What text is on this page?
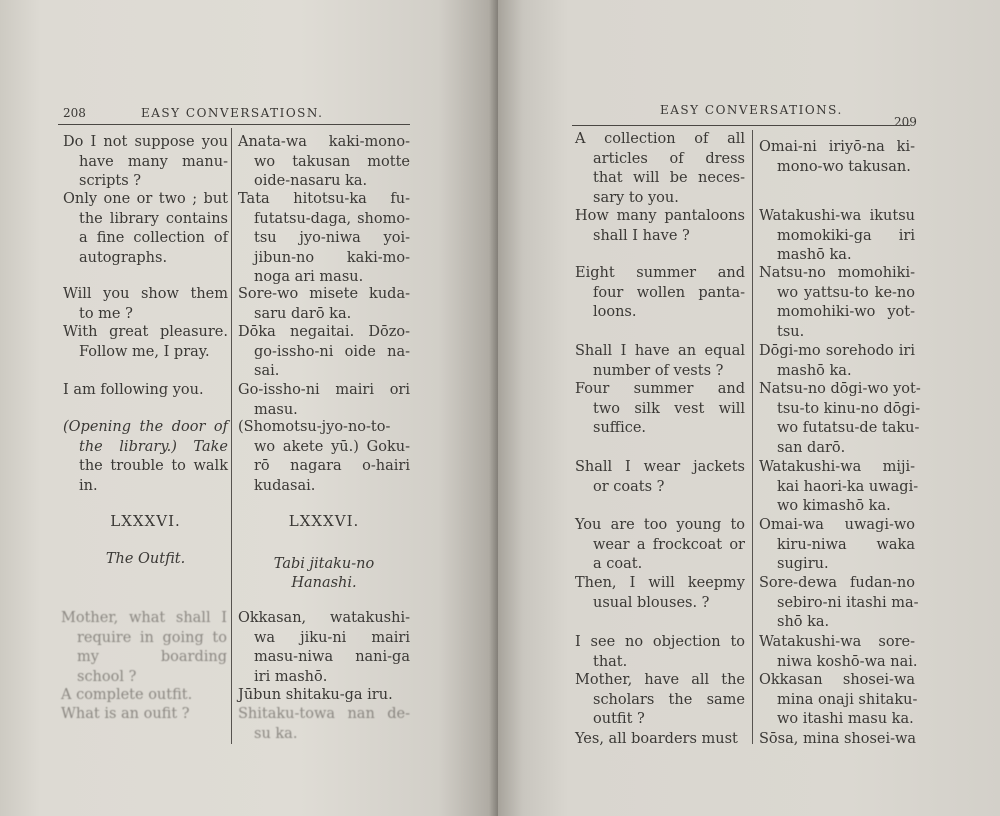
208	EASY CONVERSATIOSN.
Do I not suppose you
have many manu-
scripts ?
Only one or two ; but
the library contains
a fine collection of
autographs.
Will you show them
to me ?
With great pleasure.
Follow me, I pray.
I am following you.
(Opening the door of
the library.) Take
the trouble to walk
in.
Anata-wa kaki-mono-
wo takusan motte
oide-nasaru ka.
Tata hitotsu-ka fu-
futatsu-daga, shomo-
tsu jyo-niwa yoi-
jibun-no kaki-mo-
noga ari masu.
Sore-wo misete kuda-
saru darō ka.
Dōka negaitai. Dōzo-
go-issho-ni oide na-
sai.
Go-issho-ni mairi ori
masu.
(Shomotsu-jyo-no-to-
wo akete yū.) Goku-
rō nagara o-hairi
kudasai.
LXXXVI.
The Outfit.
LXXXVI.
Tabi jitaku-no
Hanashi.
Mother, what shall I
require in going to
my boarding
school ?
A complete outfit.
What is an ouﬁt ?
Okkasan, watakushi-
wa jiku-ni mairi
masu-niwa nani-ga
iri mashō.
Jūbun shitaku-ga iru.
Shitaku-towa nan de-
su ka.
EASY CONVERSATIONS.
209
A collection of all
articles of dress
that will be neces-
sary to you.
How many pantaloons
shall I have ?
Eight summer and
four wollen panta-
loons.
Shall I have an equal
number of vests ?
Four summer and
two silk vest will
suffice.
Shall I wear jackets
or coats ?
You are too young to
wear a frockcoat or
a coat.
Then, I will keepmy
usual blouses. ?
I see no objection to
that.
Mother, have all the
scholars the same
outfit ?
Yes, all boarders must
Omai-ni iriyō-na ki-
mono-wo takusan.
Watakushi-wa ikutsu
momokiki-ga iri
mashō ka.
Natsu-no momohiki-
wo yattsu-to ke-no
momohiki-wo yot-
tsu.
Dōgi-mo sorehodo iri
mashō ka.
Natsu-no dōgi-wo yot-
tsu-to kinu-no dōgi-
wo futatsu-de taku-
san darō.
Watakushi-wa miji-
kai haori-ka uwagi-
wo kimashō ka.
Omai-wa uwagi-wo
kiru-niwa waka
sugiru.
Sore-dewa fudan-no
sebiro-ni itashi ma-
shō ka.
Watakushi-wa sore-
niwa koshō-wa nai.
Okkasan shosei-wa
mina onaji shitaku-
wo itashi masu ka.
Sōsa, mina shosei-wa
